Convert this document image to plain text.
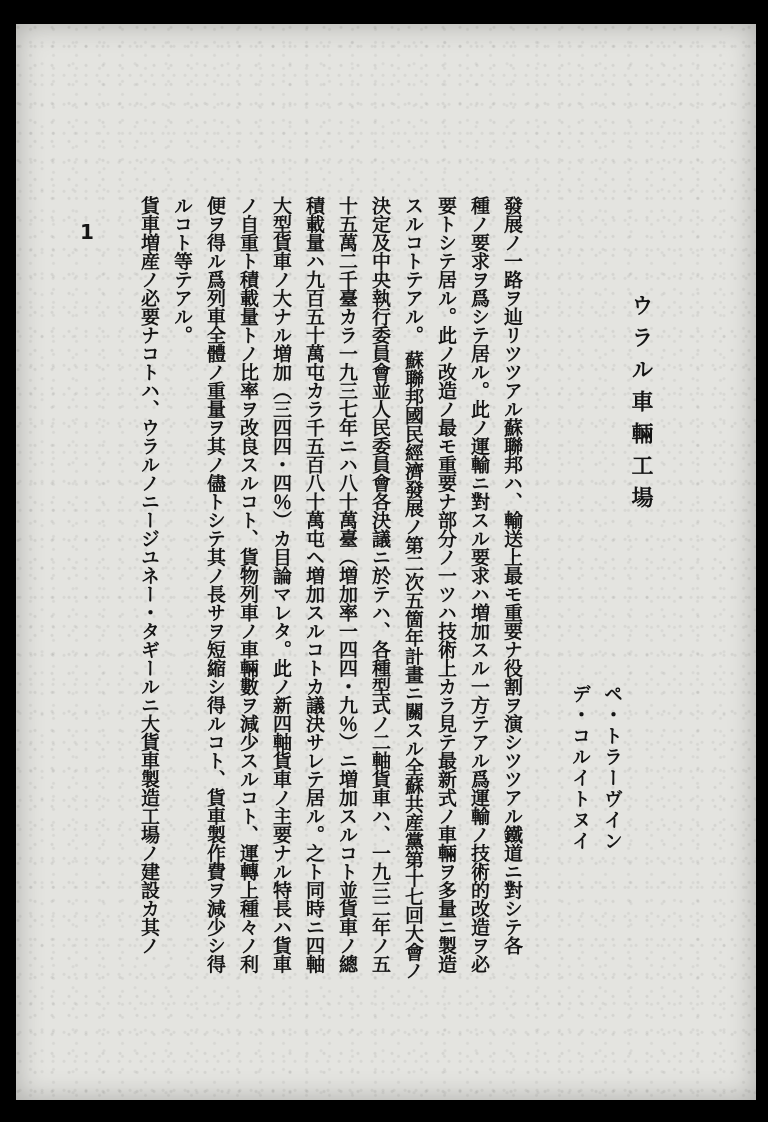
ウラル車輛工場
ペ・トラーヴイン
デ・コルイトヌイ
發展ノ一路ヲ辿リツツアル蘇聯邦ハ、輸送上最モ重要ナ役割ヲ演シツツアル鐵道ニ對シテ各
種ノ要求ヲ爲シテ居ル。此ノ運輸ニ對スル要求ハ増加スル一方テアル爲運輸ノ技術的改造ヲ必
要トシテ居ル。此ノ改造ノ最モ重要ナ部分ノ一ツハ技術上カラ見テ最新式ノ車輛ヲ多量ニ製造
スルコトテアル。 蘇聯邦國民經濟發展ノ第二次五箇年計畫ニ關スル全蘇共産黨第十七回大會ノ
決定及中央執行委員會並人民委員會各決議ニ於テハ、各種型式ノ二軸貨車ハ、一九三二年ノ五
十五萬二千臺カラ一九三七年ニハ八十萬臺（増加率一四四・九％）ニ増加スルコト並貨車ノ總
積載量ハ九百五十萬屯カラ千五百八十萬屯ヘ増加スルコトカ議決サレテ居ル。之ト同時ニ四軸
大型貨車ノ大ナル増加（三四四・四％）カ目論マレタ。此ノ新四軸貨車ノ主要ナル特長ハ貨車
ノ自重ト積載量トノ比率ヲ改良スルコト、貨物列車ノ車輛數ヲ減少スルコト、運轉上種々ノ利
便ヲ得ル爲列車全體ノ重量ヲ其ノ儘トシテ其ノ長サヲ短縮シ得ルコト、貨車製作費ヲ減少シ得
ルコト等テアル。
貨車増産ノ必要ナコトハ、ウラルノニージユネー・タギールニ大貨車製造工場ノ建設カ其ノ
1
